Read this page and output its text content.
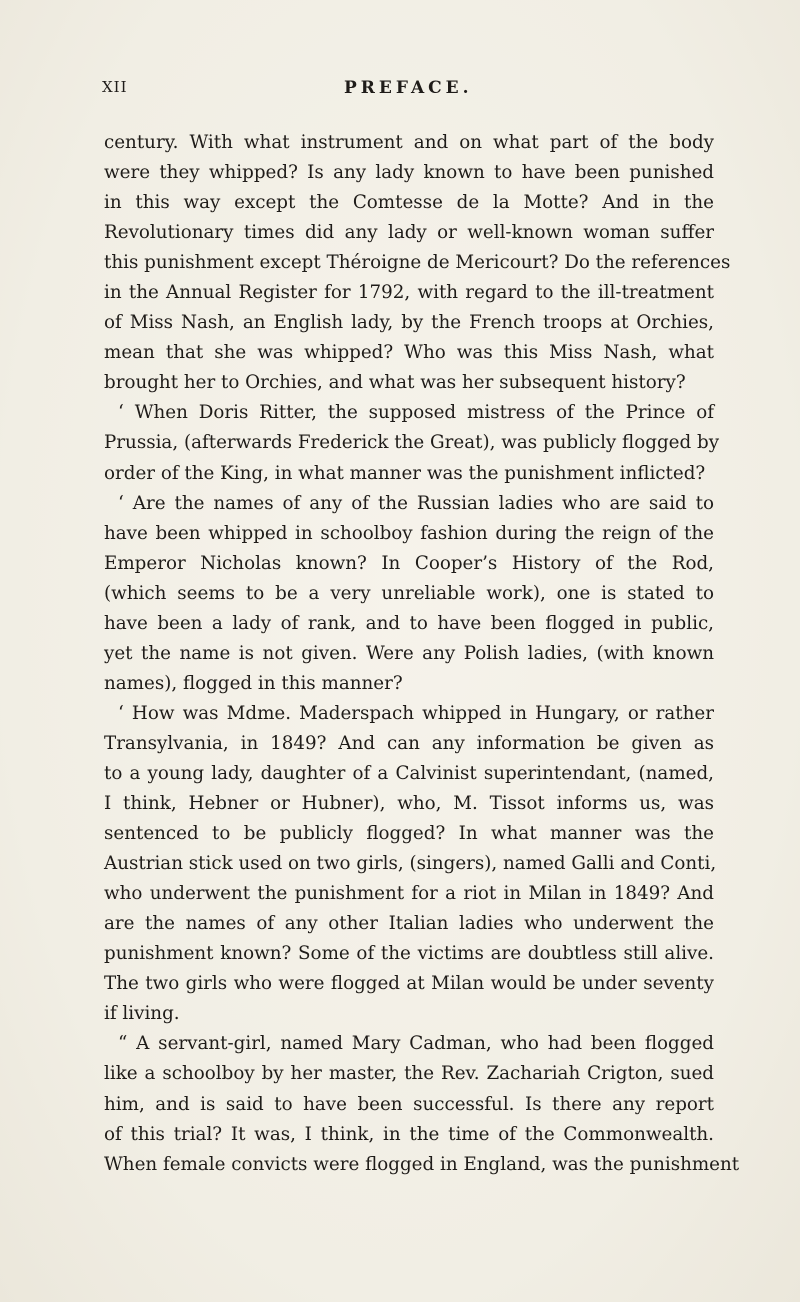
XII	PREFACE.
century. With what instrument and on what part of the body
were they whipped? Is any lady known to have been punished
in this way except the Comtesse de la Motte? And in the
Revolutionary times did any lady or well-known woman suffer
this punishment except Théroigne de Mericourt? Do the references
in the Annual Register for 1792, with regard to the ill-treatment
of Miss Nash, an English lady, by the French troops at Orchies,
mean that she was whipped? Who was this Miss Nash, what
brought her to Orchies, and what was her subsequent history?
‘ When Doris Ritter, the supposed mistress of the Prince of
Prussia, (afterwards Frederick the Great), was publicly flogged by
order of the King, in what manner was the punishment inflicted?
‘ Are the names of any of the Russian ladies who are said to
have been whipped in schoolboy fashion during the reign of the
Emperor Nicholas known? In Cooper’s History of the Rod,
(which seems to be a very unreliable work), one is stated to
have been a lady of rank, and to have been flogged in public,
yet the name is not given. Were any Polish ladies, (with known
names), flogged in this manner?
‘ How was Mdme. Maderspach whipped in Hungary, or rather
Transylvania, in 1849? And can any information be given as
to a young lady, daughter of a Calvinist superintendant, (named,
I think, Hebner or Hubner), who, M. Tissot informs us, was
sentenced to be publicly flogged? In what manner was the
Austrian stick used on two girls, (singers), named Galli and Conti,
who underwent the punishment for a riot in Milan in 1849? And
are the names of any other Italian ladies who underwent the
punishment known? Some of the victims are doubtless still alive.
The two girls who were flogged at Milan would be under seventy
if living.
“ A servant-girl, named Mary Cadman, who had been flogged
like a schoolboy by her master, the Rev. Zachariah Crigton, sued
him, and is said to have been successful. Is there any report
of this trial? It was, I think, in the time of the Commonwealth.
When female convicts were flogged in England, was the punishment
